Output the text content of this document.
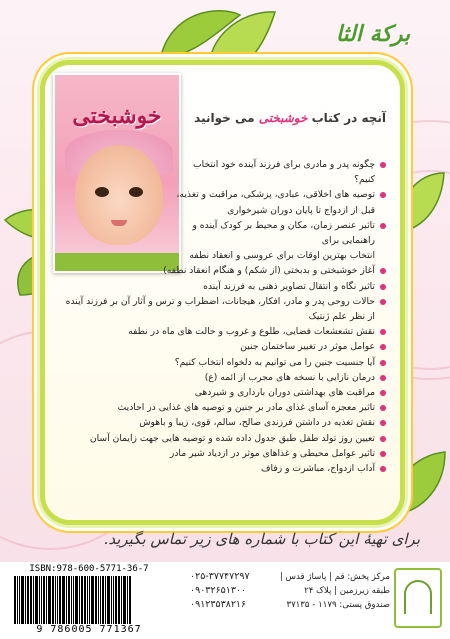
بركة الثا
خوشبختی	آنچه در کتاب خوشبختی می خوانید
چگونه پدر و مادری برای فرزند آینده خود انتخاب کنیم؟
توصیه های اخلاقی، عبادی، پزشکی، مراقبت و تغذیه، قبل از ازدواج تا پایان دوران شیرخواری
تاثیر عنصر زمان، مکان و محیط بر کودک آینده و راهنمایی برای
انتخاب بهترین اوقات برای عروسی و انعقاد نطفه
آغاز خوشبختی و بدبختی (از شکم) و هنگام انعقاد نطفه)
تاثیر نگاه و انتقال تصاویر ذهنی به فرزند آینده
حالات روحی پدر و مادر، افکار، هیجانات، اضطراب و ترس و آثار آن بر فرزند آینده
از نظر علم ژنتیک
نقش تشعشعات فضایی، طلوع و غروب و حالت های ماه در نطفه
عوامل موثر در تغییر ساختمان جنین
آیا جنسیت جنین را می توانیم به دلخواه انتخاب کنیم؟
درمان نازایی با نسخه های مجرب از ائمه (ع)
مراقبت های بهداشتی دوران بارداری و شیردهی
تاثیر معجزه آسای غذای مادر بر جنین و توصیه های غذایی در احادیث
نقش تغذیه در داشتن فرزندی صالح، سالم، قوی، زیبا و باهوش
تعیین روز تولد طفل طبق جدول داده شده و توصیه هایی جهت زایمان آسان
تاثیر عوامل محیطی و غذاهای موثر در ازدیاد شیر مادر
آداب ازدواج، مباشرت و زفاف
برای تهیۀ این کتاب با شماره های زیر تماس بگیرید.
ISBN:978-600-5771-36-7
9 786005 771367
۰۲۵-۳۷۷۴۷۲۹۷
۰۹۰۳۲۶۵۱۳۰۰
۰۹۱۲۳۵۳۸۲۱۶
مرکز پخش: قم | پاساژ قدس |
طبقه زیرزمین | پلاک ۲۴
صندوق پستی: ۱۱۷۹ - ۳۷۱۳۵
